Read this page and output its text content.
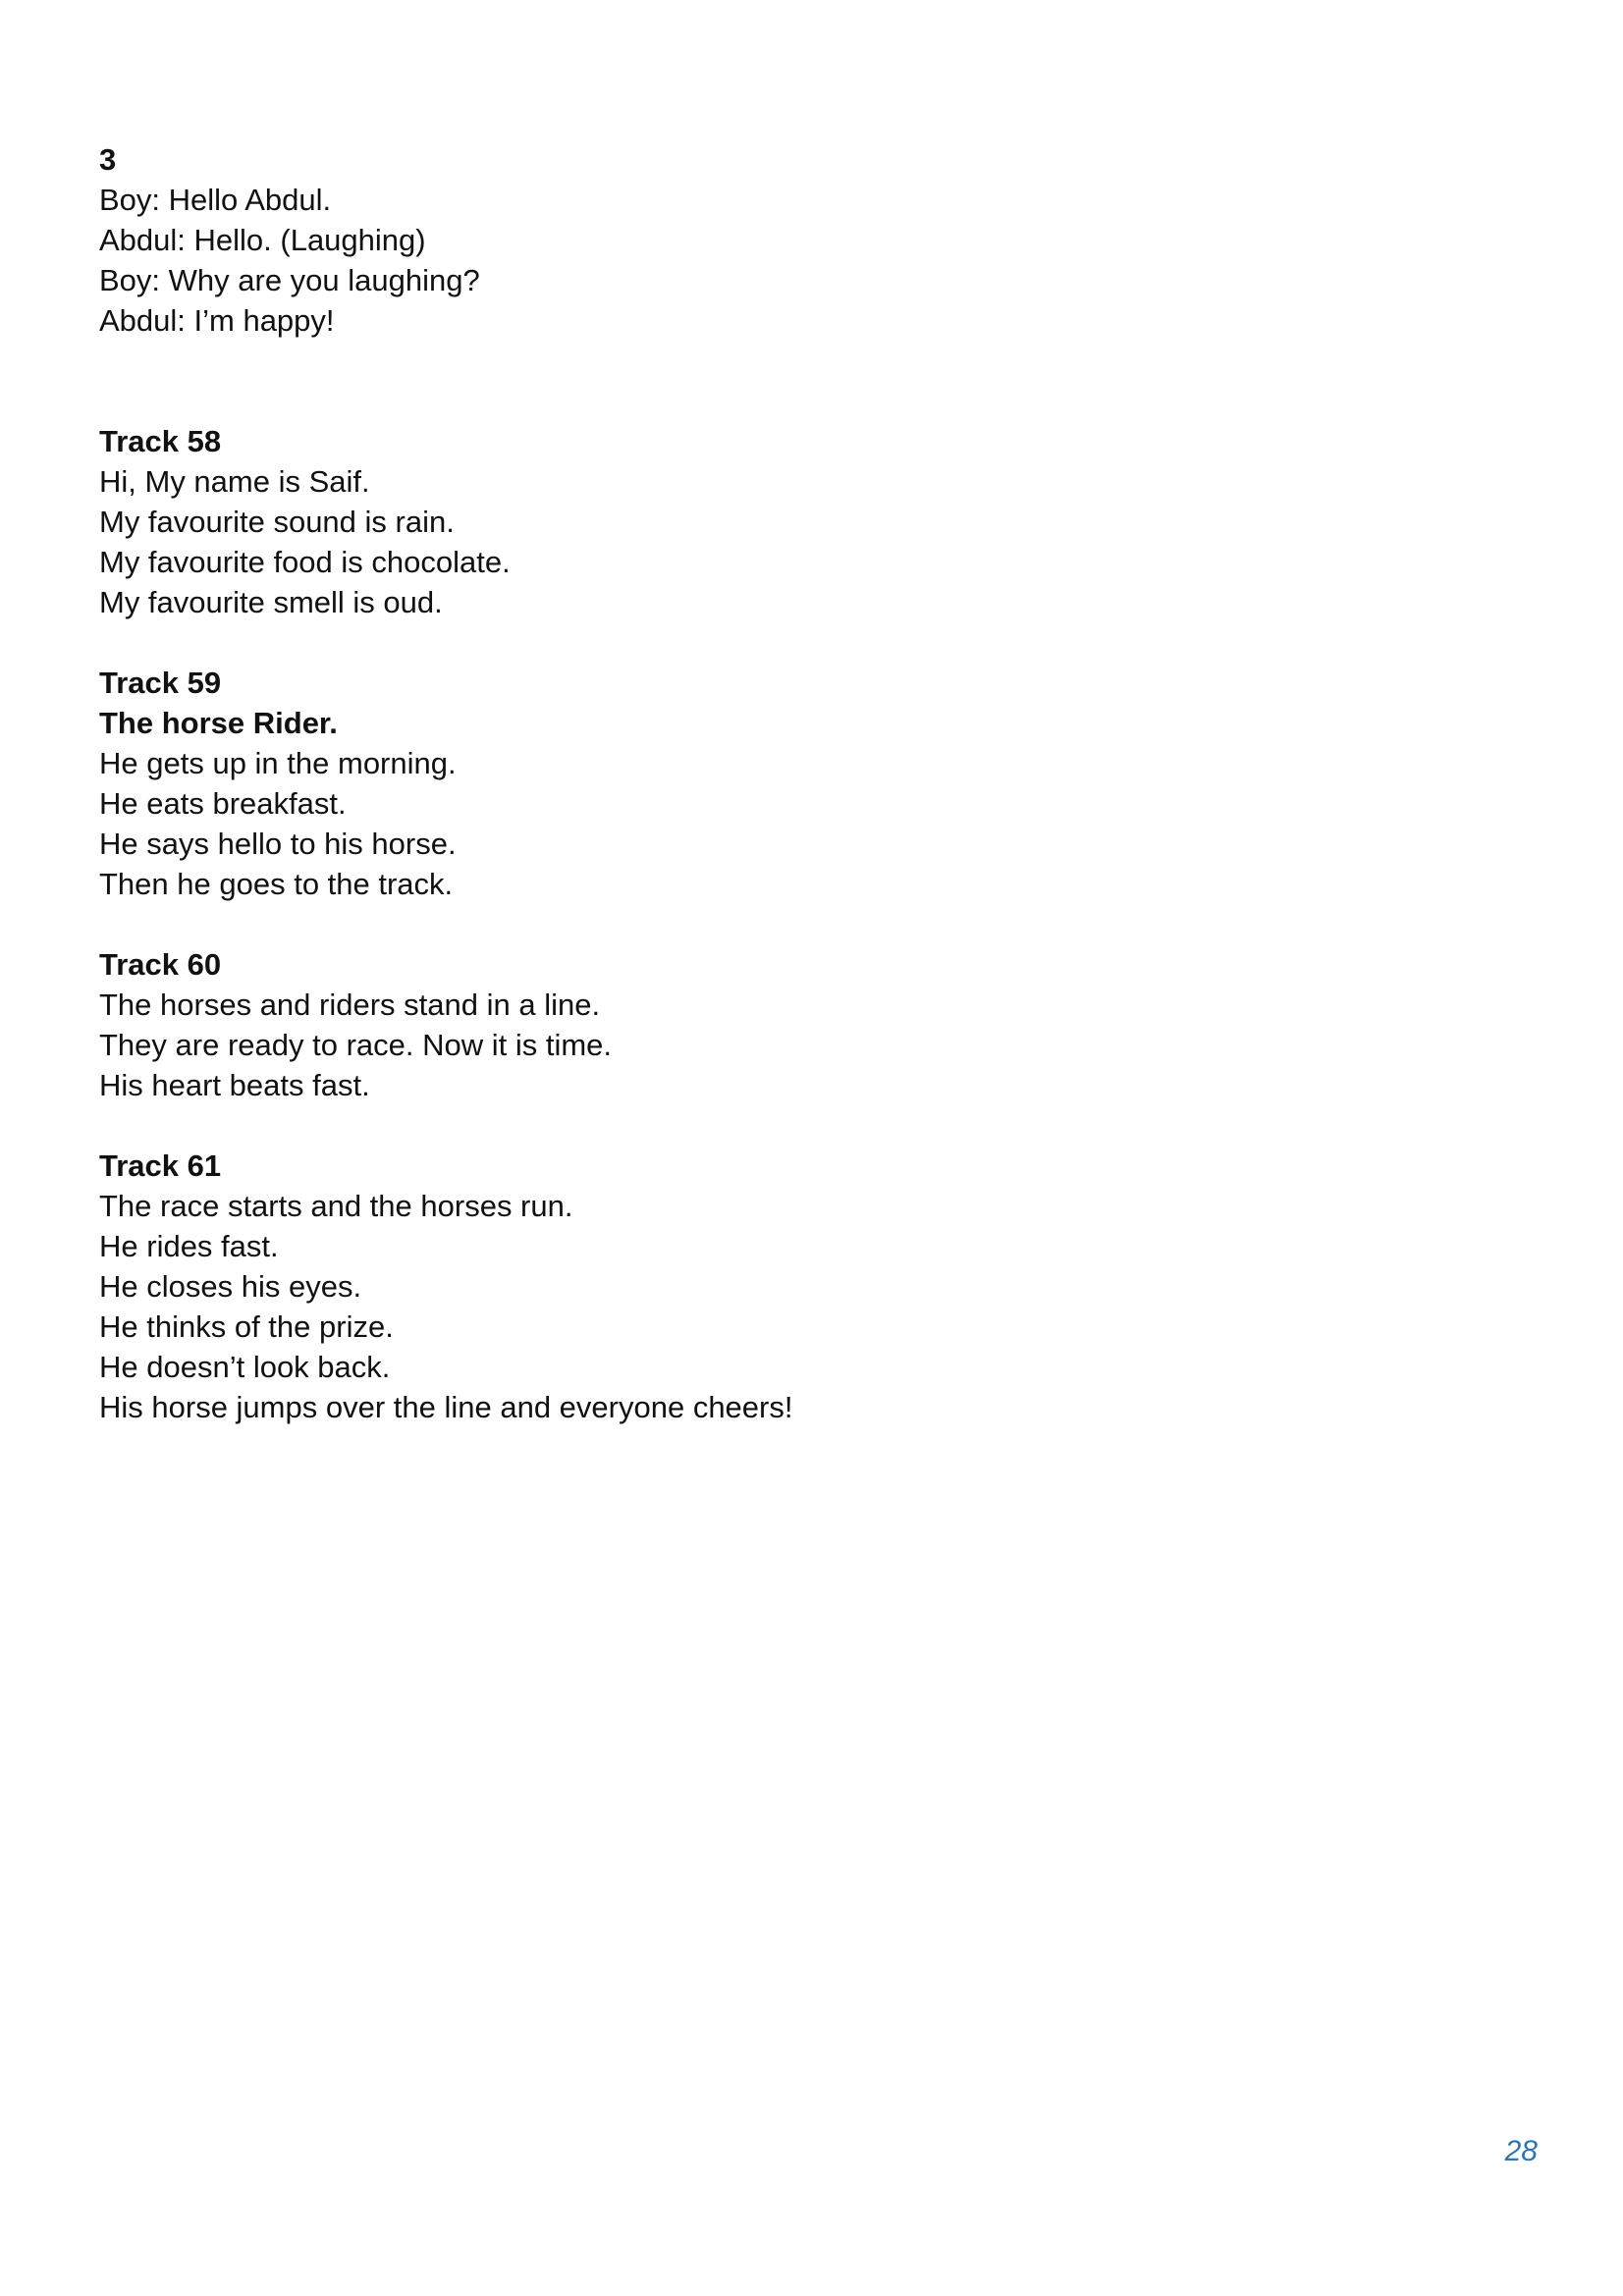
3
Boy: Hello Abdul.
Abdul: Hello. (Laughing)
Boy: Why are you laughing?
Abdul: I’m happy!
Track 58
Hi, My name is Saif.
My favourite sound is rain.
My favourite food is chocolate.
My favourite smell is oud.
Track 59
The horse Rider.
He gets up in the morning.
He eats breakfast.
He says hello to his horse.
Then he goes to the track.
Track 60
The horses and riders stand in a line.
They are ready to race. Now it is time.
His heart beats fast.
Track 61
The race starts and the horses run.
He rides fast.
He closes his eyes.
He thinks of the prize.
He doesn’t look back.
His horse jumps over the line and everyone cheers!
28
